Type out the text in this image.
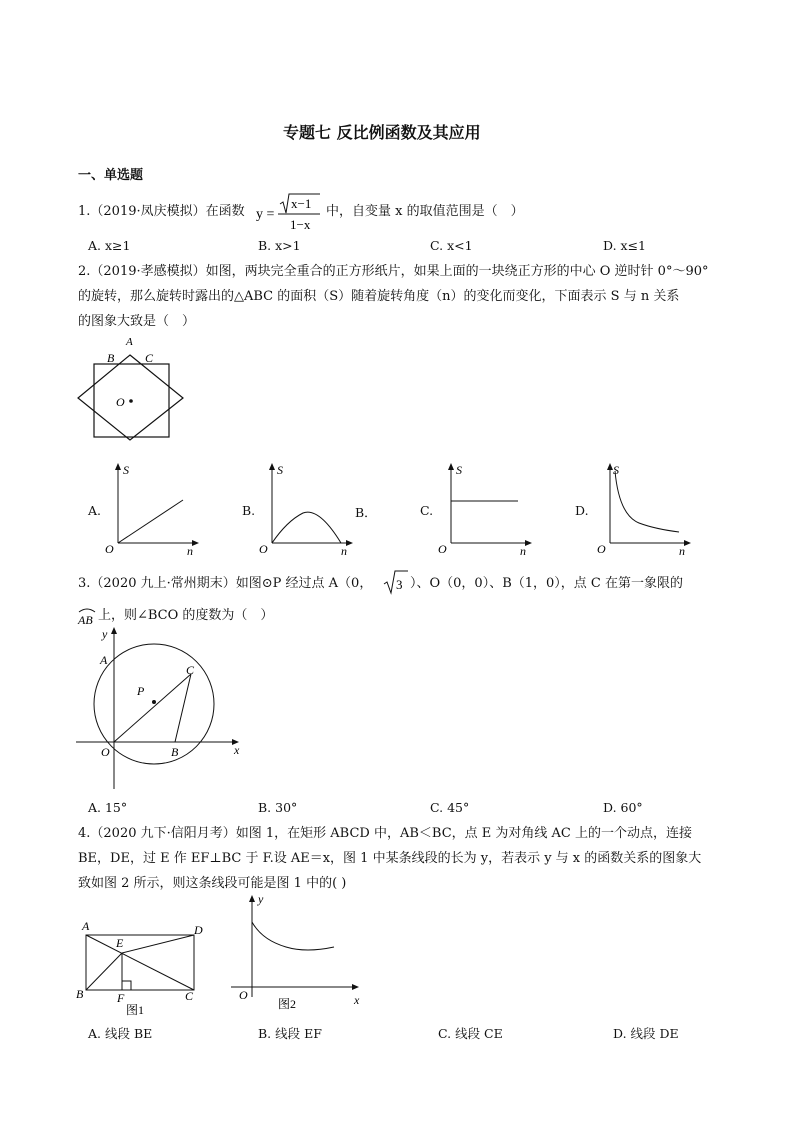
专题七 反比例函数及其应用
一、单选题
1.（2019·凤庆模拟）在函数 y =
x−1
1−x
中，自变量 x 的取值范围是（　）
A. x≥1	B. x>1	C. x<1	D. x≤1
2.（2019·孝感模拟）如图，两块完全重合的正方形纸片，如果上面的一块绕正方形的中心 O 逆时针 0°～90°
的旋转，那么旋转时露出的△ABC 的面积（S）随着旋转角度（n）的变化而变化，下面表示 S 与 n 关系
的图象大致是（　）
O
A
B	C
A.
S
O	n
B.
S
O	n
B．	C.
S
O	n
D.
S
O	n
3.（2020 九上·常州期末）如图⊙P 经过点 A（0， 3 ）、O（0，0）、B（1，0），点 C 在第一象限的
AB 上，则∠BCO 的度数为（　）
y
A
C
P
O	B	x
A. 15°	B. 30°	C. 45°	D. 60°
4.（2020 九下·信阳月考）如图 1，在矩形 ABCD 中，AB＜BC，点 E 为对角线 AC 上的一个动点，连接
BE，DE，过 E 作 EF⊥BC 于 F.设 AE＝x，图 1 中某条线段的长为 y，若表示 y 与 x 的函数关系的图象大
致如图 2 所示，则这条线段可能是图 1 中的( )
A	D
E
B	F	C
图1
y
O	x
图2
A. 线段 BE	B. 线段 EF	C. 线段 CE	D. 线段 DE
